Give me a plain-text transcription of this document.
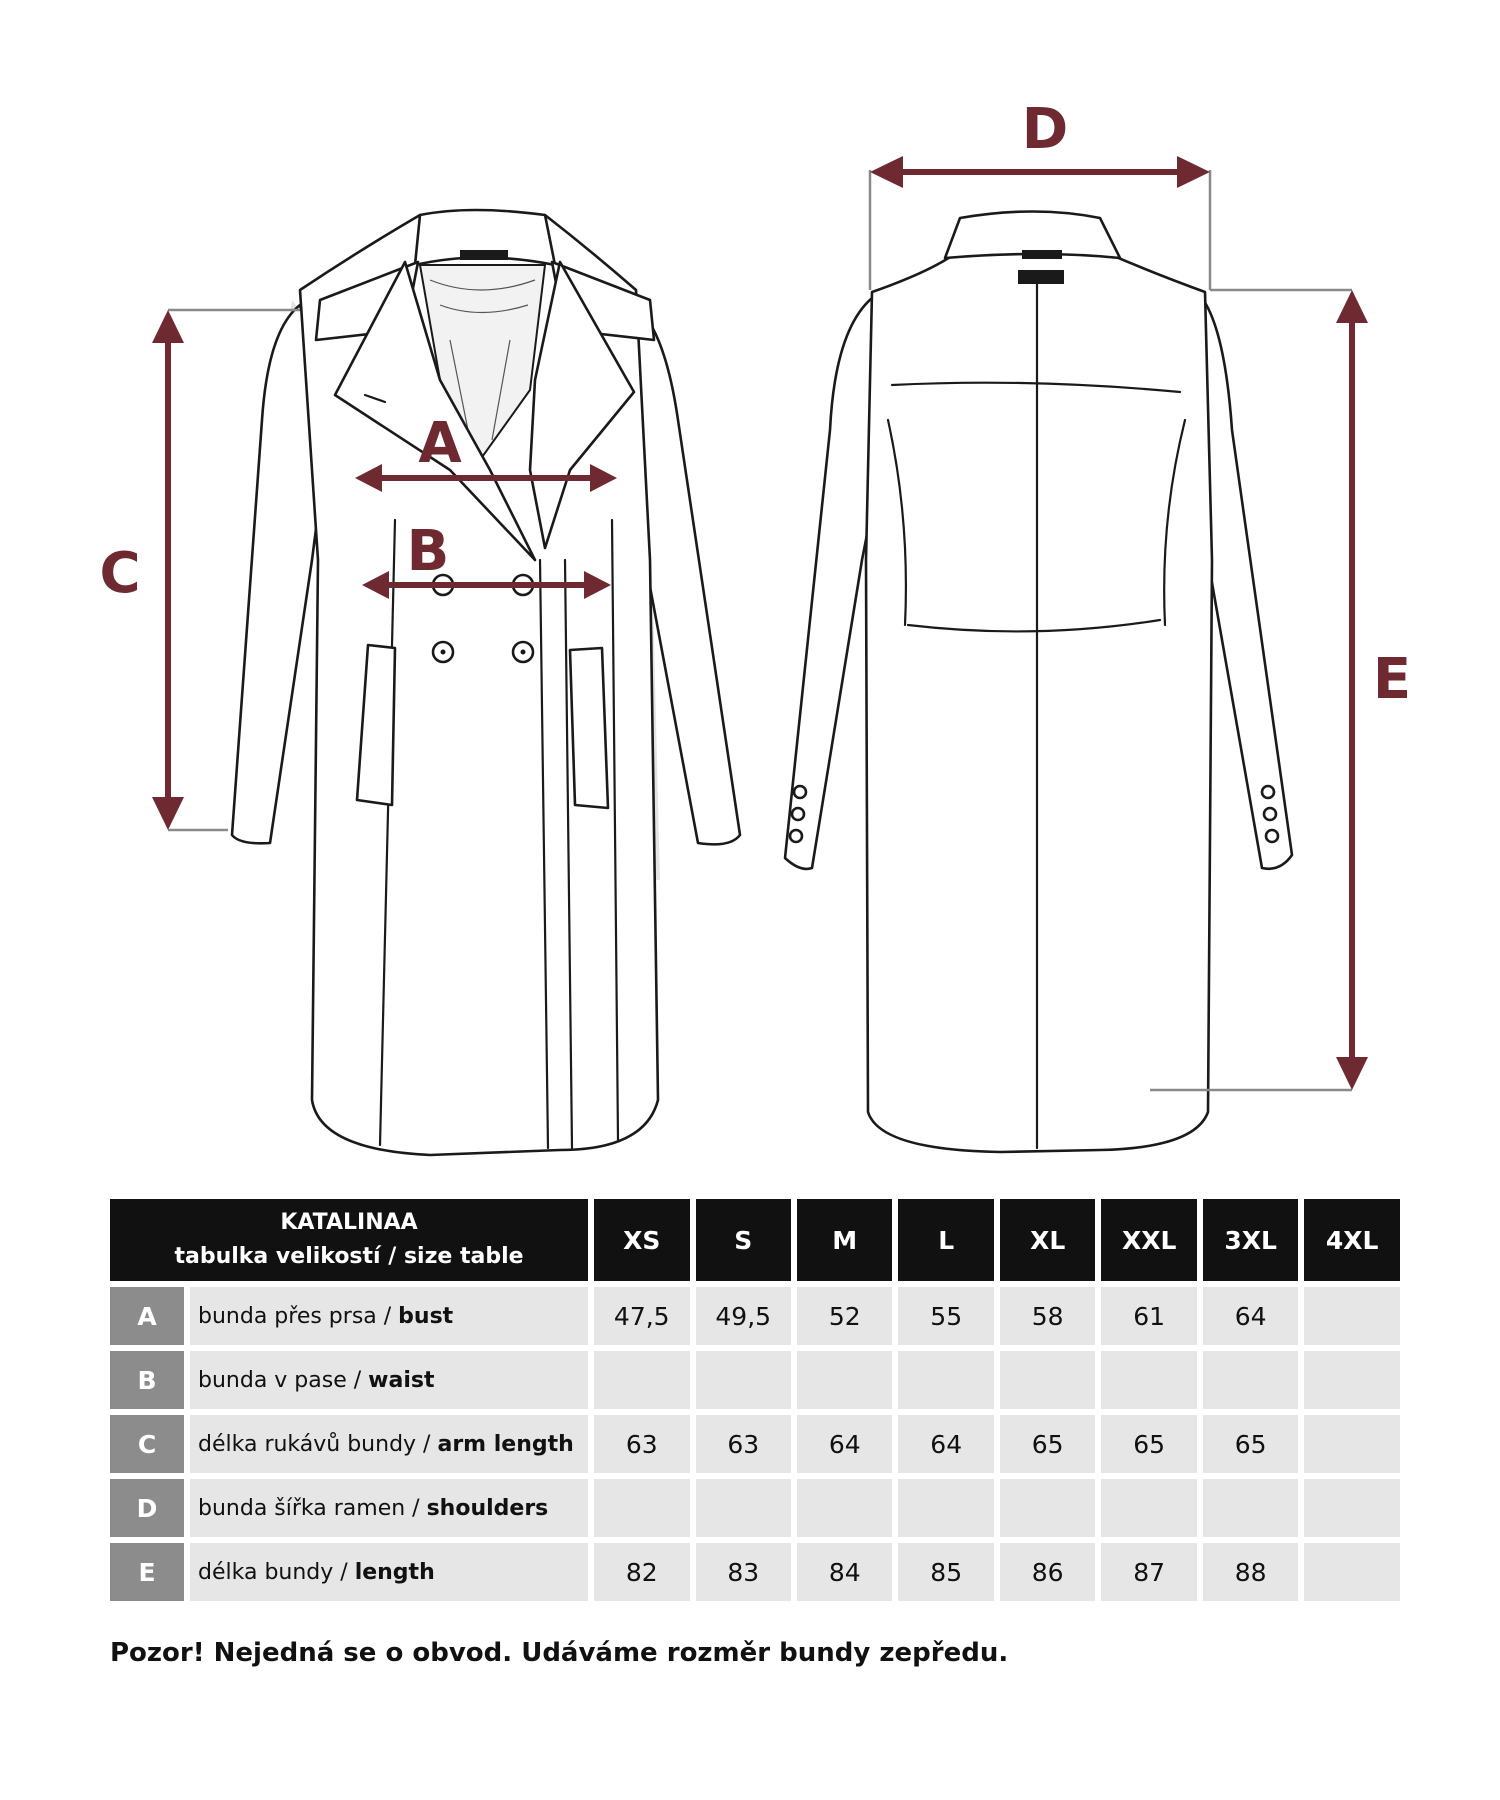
A
B
C
D
E
KATALINAA
tabulka velikostí / size table		XS	S	M	L	XL	XXL	3XL	4XL
A	bunda přes prsa / bust	47,5	49,5	52	55	58	61	64	
B	bunda v pase / waist								
C	délka rukávů bundy / arm length	63	63	64	64	65	65	65	
D	bunda šířka ramen / shoulders								
E	délka bundy / length	82	83	84	85	86	87	88	
Pozor! Nejedná se o obvod. Udáváme rozměr bundy zepředu.
